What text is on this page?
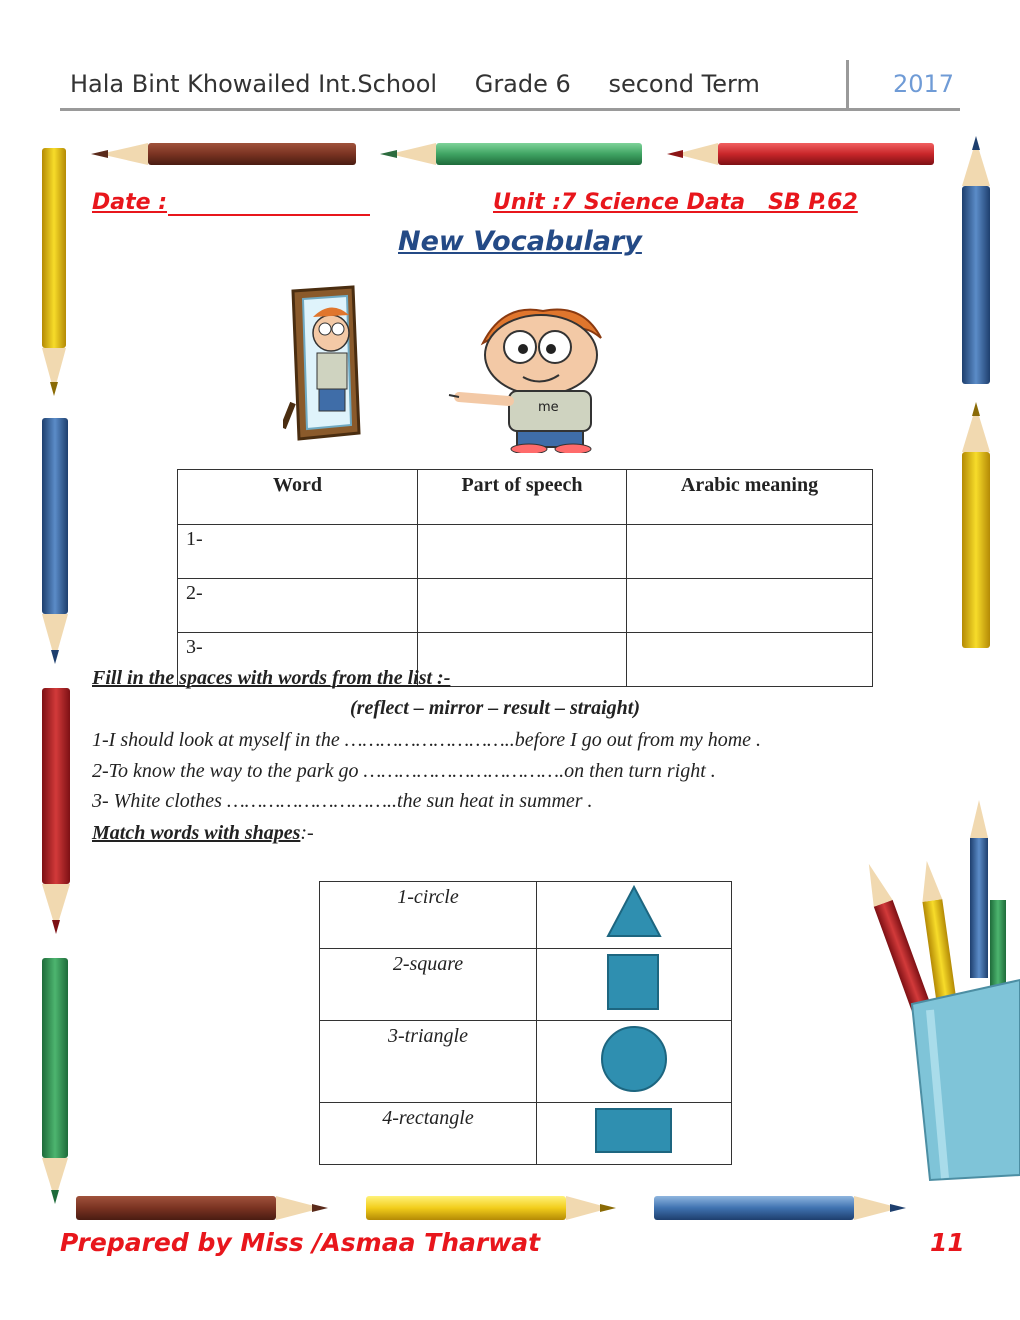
Hala Bint Khowailed Int.School Grade 6 second Term	2017
Date :	Unit :7 Science Data   SB P.62
New Vocabulary
me
Word	Part of speech	Arabic meaning
1-		
2-		
3-		
Fill in the spaces with words from the list :-
(reflect – mirror – result – straight)
1-I should look at myself in the ………………………..before I go out from my home .
2-To know the way to the park go …………………………….on then turn right .
3- White clothes ………………………..the sun heat in summer .
Match words with shapes:-
1-circle	
2-square	
3-triangle	
4-rectangle	
Prepared by Miss /Asmaa Tharwat	11
